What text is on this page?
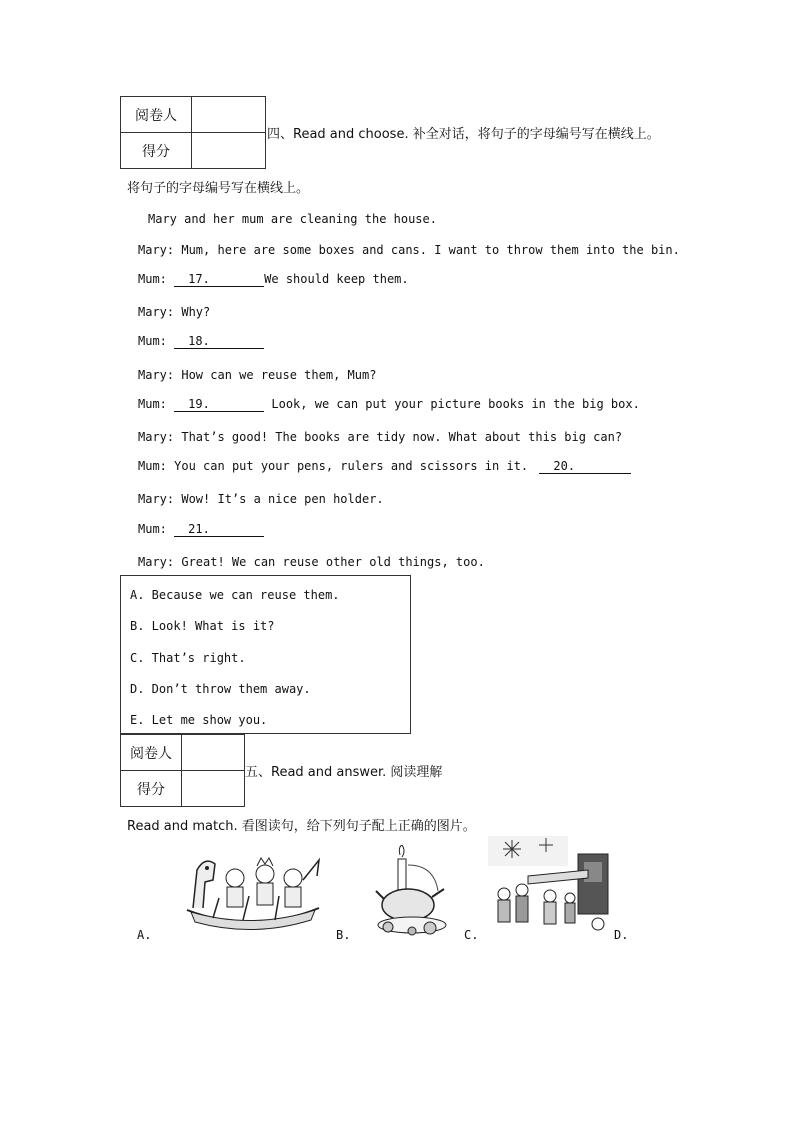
阅卷人	
得分	
四、Read and choose. 补全对话，将句子的字母编号写在横线上。
将句子的字母编号写在横线上。
Mary and her mum are cleaning the house.
Mary: Mum, here are some boxes and cans. I want to throw them into the bin.
Mum: 17.	We should keep them.
Mary: Why?
Mum: 18.
Mary: How can we reuse them, Mum?
Mum: 19.	Look, we can put your picture books in the big box.
Mary: That’s good! The books are tidy now. What about this big can?
Mum: You can put your pens, rulers and scissors in it. 20.
Mary: Wow! It’s a nice pen holder.
Mum: 21.
Mary: Great! We can reuse other old things, too.
A. Because we can reuse them.
B. Look! What is it?
C. That’s right.
D. Don’t throw them away.
E. Let me show you.
阅卷人	
得分	
五、Read and answer. 阅读理解
Read and match. 看图读句，给下列句子配上正确的图片。
A.	B.	C.	D.
